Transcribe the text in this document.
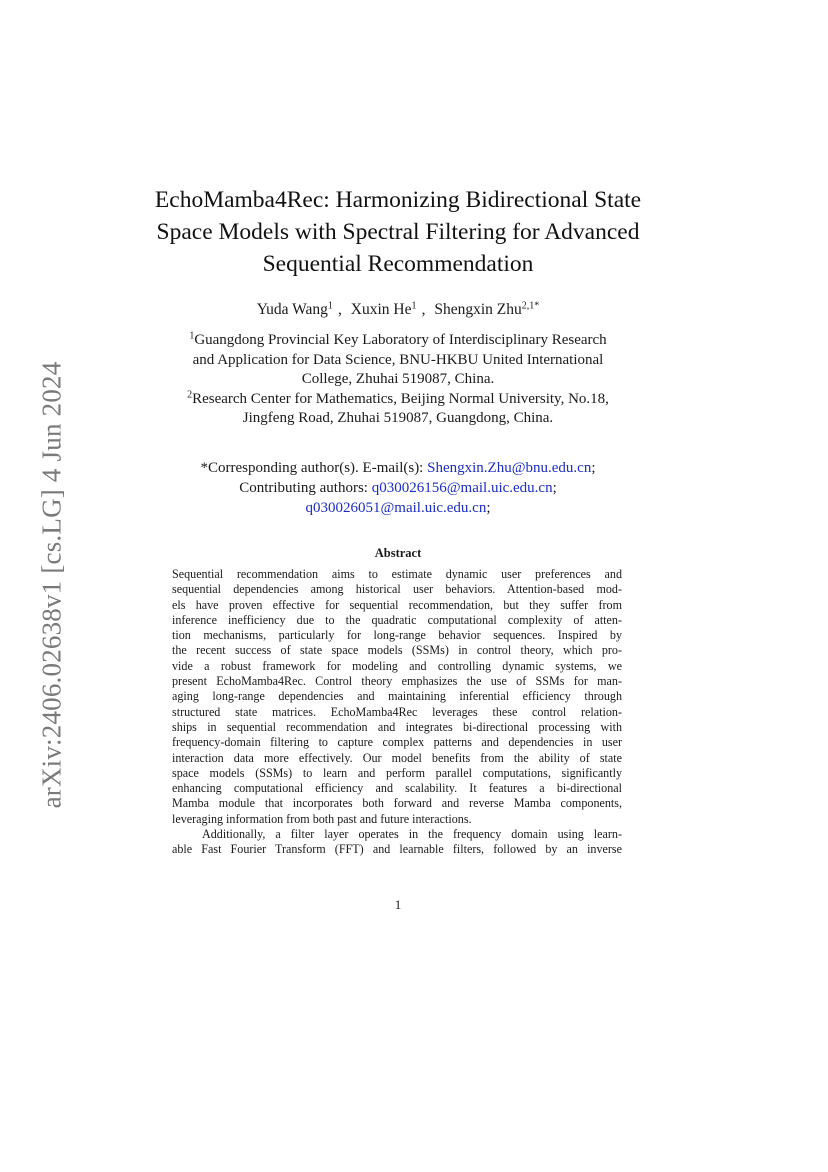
arXiv:2406.02638v1 [cs.LG] 4 Jun 2024
EchoMamba4Rec: Harmonizing Bidirectional State
Space Models with Spectral Filtering for Advanced
Sequential Recommendation
Yuda Wang$^1$ , Xuxin He$^1$ , Shengxin Zhu$^{2,1*}$
$^1$Guangdong Provincial Key Laboratory of Interdisciplinary Research
and Application for Data Science, BNU-HKBU United International
College, Zhuhai 519087, China.
$^2$Research Center for Mathematics, Beijing Normal University, No.18,
Jingfeng Road, Zhuhai 519087, Guangdong, China.
*Corresponding author(s). E-mail(s): Shengxin.Zhu@bnu.edu.cn;
Contributing authors: q030026156@mail.uic.edu.cn;
q030026051@mail.uic.edu.cn;
Abstract
Sequential recommendation aims to estimate dynamic user preferences and
sequential dependencies among historical user behaviors. Attention-based mod-
els have proven effective for sequential recommendation, but they suffer from
inference inefficiency due to the quadratic computational complexity of atten-
tion mechanisms, particularly for long-range behavior sequences. Inspired by
the recent success of state space models (SSMs) in control theory, which pro-
vide a robust framework for modeling and controlling dynamic systems, we
present EchoMamba4Rec. Control theory emphasizes the use of SSMs for man-
aging long-range dependencies and maintaining inferential efficiency through
structured state matrices. EchoMamba4Rec leverages these control relation-
ships in sequential recommendation and integrates bi-directional processing with
frequency-domain filtering to capture complex patterns and dependencies in user
interaction data more effectively. Our model benefits from the ability of state
space models (SSMs) to learn and perform parallel computations, significantly
enhancing computational efficiency and scalability. It features a bi-directional
Mamba module that incorporates both forward and reverse Mamba components,
leveraging information from both past and future interactions.
Additionally, a filter layer operates in the frequency domain using learn-
able Fast Fourier Transform (FFT) and learnable filters, followed by an inverse
1
